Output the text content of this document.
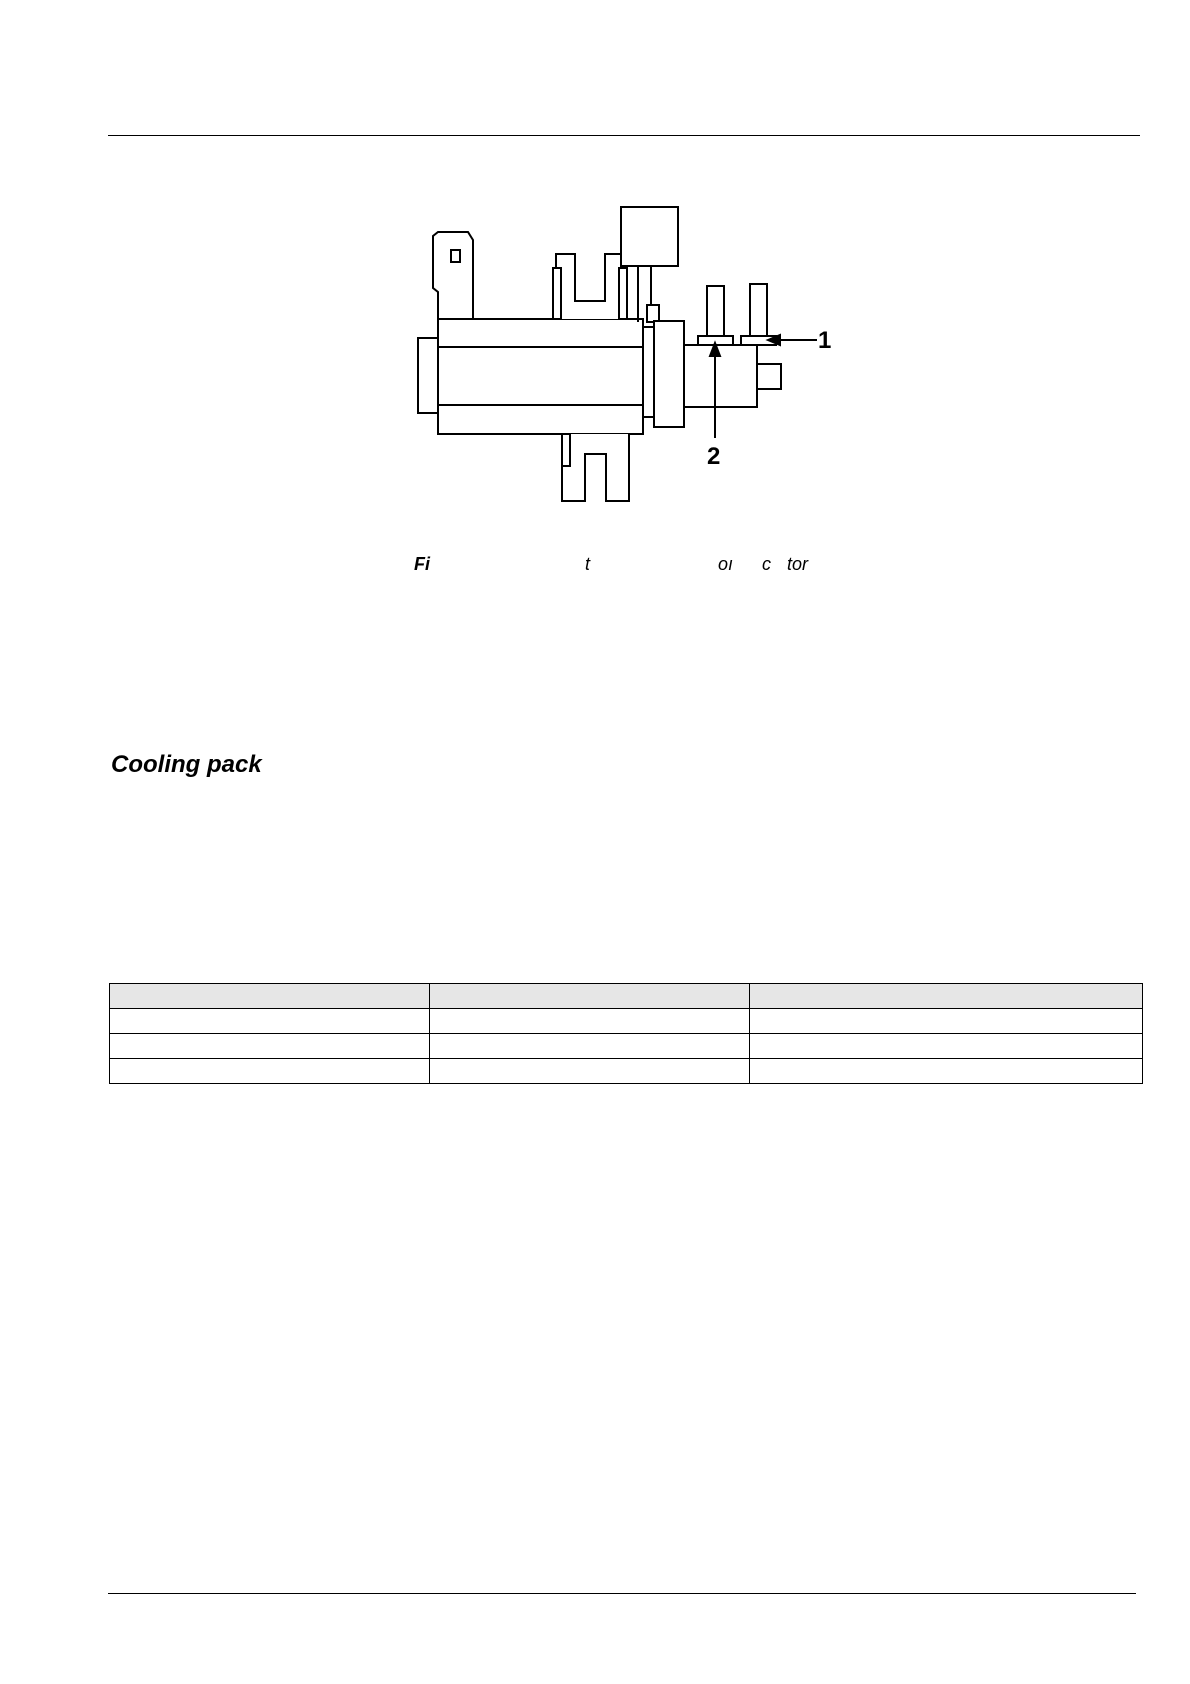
1
2
Fi	t	oı c tor
Cooling pack
